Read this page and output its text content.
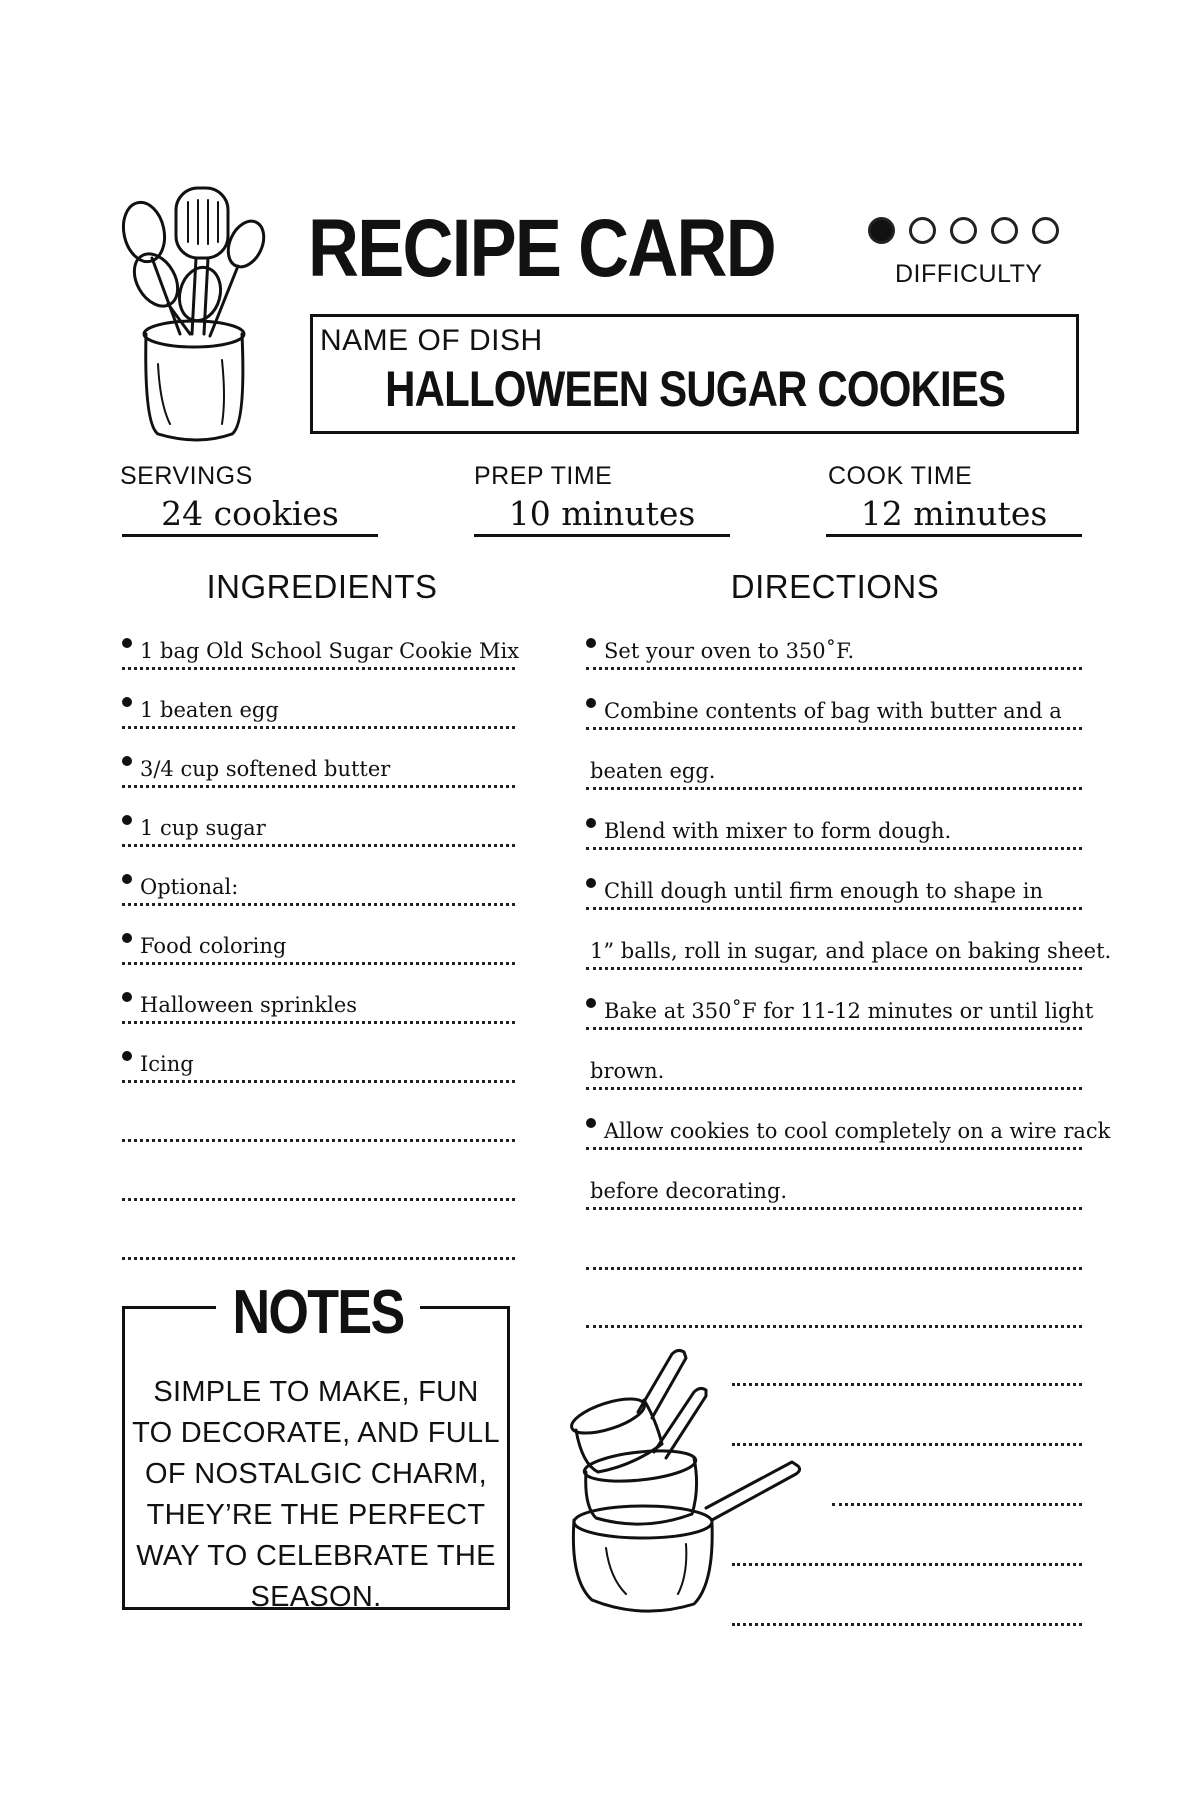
RECIPE CARD	DIFFICULTY
NAME OF DISH
HALLOWEEN SUGAR COOKIES
SERVINGS
24 cookies
PREP TIME
10 minutes
COOK TIME
12 minutes
INGREDIENTS	DIRECTIONS
1 bag Old School Sugar Cookie Mix
1 beaten egg
3/4 cup softened butter
1 cup sugar
Optional:
Food coloring
Halloween sprinkles
Icing
Set your oven to 350˚F.
Combine contents of bag with butter and a
beaten egg.
Blend with mixer to form dough.
Chill dough until firm enough to shape in
1” balls, roll in sugar, and place on baking sheet.
Bake at 350˚F for 11-12 minutes or until light
brown.
Allow cookies to cool completely on a wire rack
before decorating.
NOTES
SIMPLE TO MAKE, FUN TO DECORATE, AND FULL OF NOSTALGIC CHARM, THEY’RE THE PERFECT WAY TO CELEBRATE THE SEASON.
